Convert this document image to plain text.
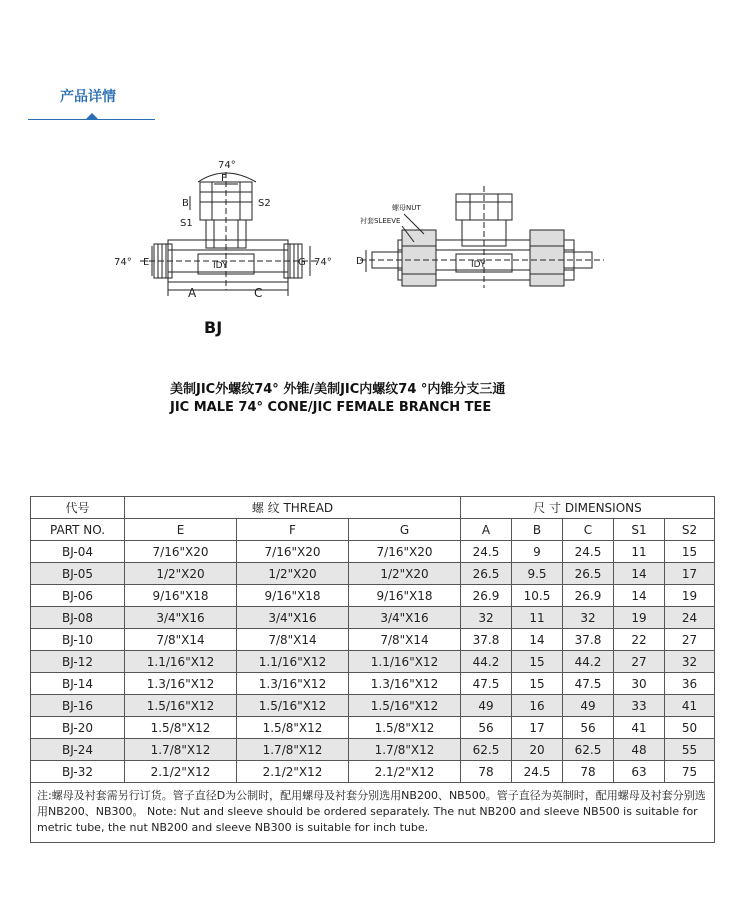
产品详情
74°
F
B	S2
S1
74° E	IDY
A	C
G 74°
螺母NUT
衬套SLEEVE
D	IDY
BJ
美制JIC外螺纹74° 外锥/美制JIC内螺纹74 °内锥分支三通
JIC MALE 74° CONE/JIC FEMALE BRANCH TEE
代号	螺 纹 THREAD			尺 寸 DIMENSIONS				
PART NO.	E	F	G	A	B	C	S1	S2
BJ-04	7/16"X20	7/16"X20	7/16"X20	24.5	9	24.5	11	15
BJ-05	1/2"X20	1/2"X20	1/2"X20	26.5	9.5	26.5	14	17
BJ-06	9/16"X18	9/16"X18	9/16"X18	26.9	10.5	26.9	14	19
BJ-08	3/4"X16	3/4"X16	3/4"X16	32	11	32	19	24
BJ-10	7/8"X14	7/8"X14	7/8"X14	37.8	14	37.8	22	27
BJ-12	1.1/16"X12	1.1/16"X12	1.1/16"X12	44.2	15	44.2	27	32
BJ-14	1.3/16"X12	1.3/16"X12	1.3/16"X12	47.5	15	47.5	30	36
BJ-16	1.5/16"X12	1.5/16"X12	1.5/16"X12	49	16	49	33	41
BJ-20	1.5/8"X12	1.5/8"X12	1.5/8"X12	56	17	56	41	50
BJ-24	1.7/8"X12	1.7/8"X12	1.7/8"X12	62.5	20	62.5	48	55
BJ-32	2.1/2"X12	2.1/2"X12	2.1/2"X12	78	24.5	78	63	75
注:螺母及衬套需另行订货。管子直径D为公制时，配用螺母及衬套分别选用NB200、NB500。管子直径为英制时，配用螺母及衬套分别选用NB200、NB300。 Note: Nut and sleeve should be ordered separately. The nut NB200 and sleeve NB500 is suitable for metric tube, the nut NB200 and sleeve NB300 is suitable for inch tube.								
